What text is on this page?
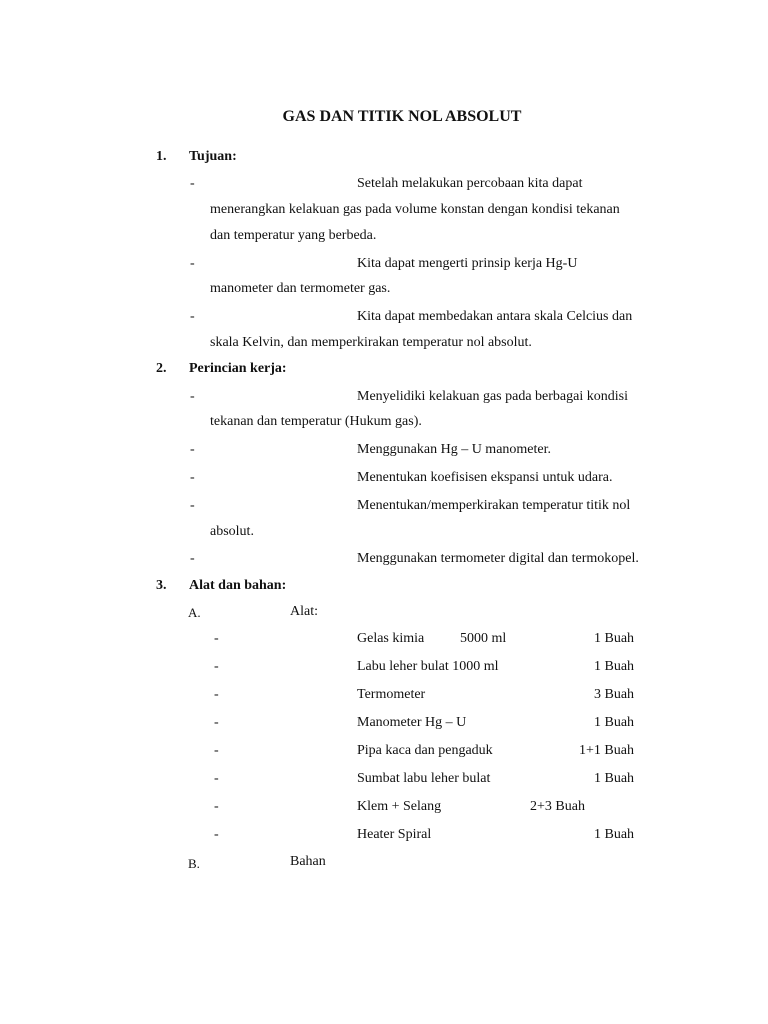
GAS DAN TITIK NOL ABSOLUT
1. Tujuan:
-	Setelah melakukan percobaan kita dapat
menerangkan kelakuan gas pada volume konstan dengan kondisi tekanan
dan temperatur yang berbeda.
-	Kita dapat mengerti prinsip kerja Hg-U
manometer dan termometer gas.
-	Kita dapat membedakan antara skala Celcius dan
skala Kelvin, dan memperkirakan temperatur nol absolut.
2. Perincian kerja:
-	Menyelidiki kelakuan gas pada berbagai kondisi
tekanan dan temperatur (Hukum gas).
-	Menggunakan Hg – U manometer.
-	Menentukan koefisisen ekspansi untuk udara.
-	Menentukan/memperkirakan temperatur titik nol
absolut.
-	Menggunakan termometer digital dan termokopel.
3. Alat dan bahan:
A.	Alat:
-	Gelas kimia	5000 ml	1 Buah
-	Labu leher bulat 1000 ml	1 Buah
-	Termometer	3 Buah
-	Manometer Hg – U	1 Buah
-	Pipa kaca dan pengaduk	1+1 Buah
-	Sumbat labu leher bulat	1 Buah
-	Klem + Selang	2+3 Buah
-	Heater Spiral	1 Buah
B.	Bahan
